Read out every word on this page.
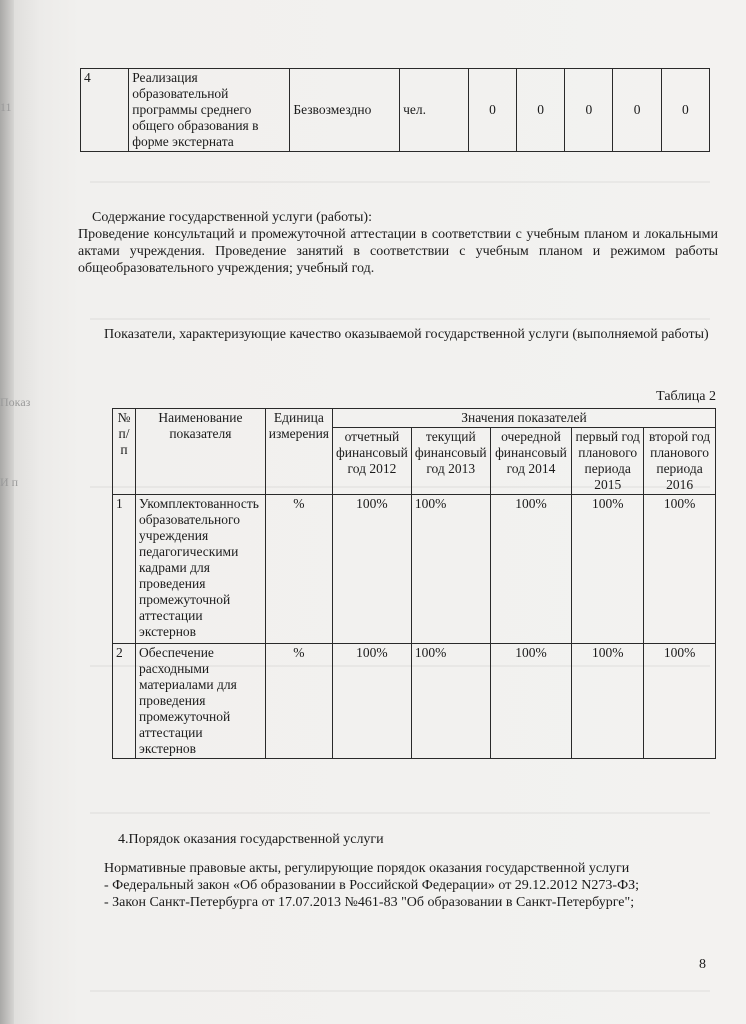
11
Показ
И п
4	Реализация образовательной программы среднего общего образования в форме экстерната	Безвозмездно	чел.	0	0	0	0	0
Содержание государственной услуги (работы):
Проведение консультаций и промежуточной аттестации в соответствии с учебным планом и локальными актами учреждения. Проведение занятий в соответствии с учебным планом и режимом работы общеобразовательного учреждения; учебный год.
Показатели, характеризующие качество оказываемой государственной услуги (выполняемой работы)
Таблица 2
№ п/п	Наименование показателя	Единица измерения	Значения показателей				
			отчетный финансовый год 2012	текущий финансовый год 2013	очередной финансовый год 2014	первый год планового периода 2015	второй год планового периода 2016
1	Укомплектованность образовательного учреждения педагогическими кадрами для проведения промежуточной аттестации экстернов	%	100%	100%	100%	100%	100%
2	Обеспечение расходными материалами для проведения промежуточной аттестации экстернов	%	100%	100%	100%	100%	100%
4.Порядок оказания государственной услуги
Нормативные правовые акты, регулирующие порядок оказания государственной услуги
- Федеральный закон «Об образовании в Российской Федерации» от 29.12.2012 N273-ФЗ;
- Закон Санкт-Петербурга от 17.07.2013 №461-83 "Об образовании в Санкт-Петербурге";
8
